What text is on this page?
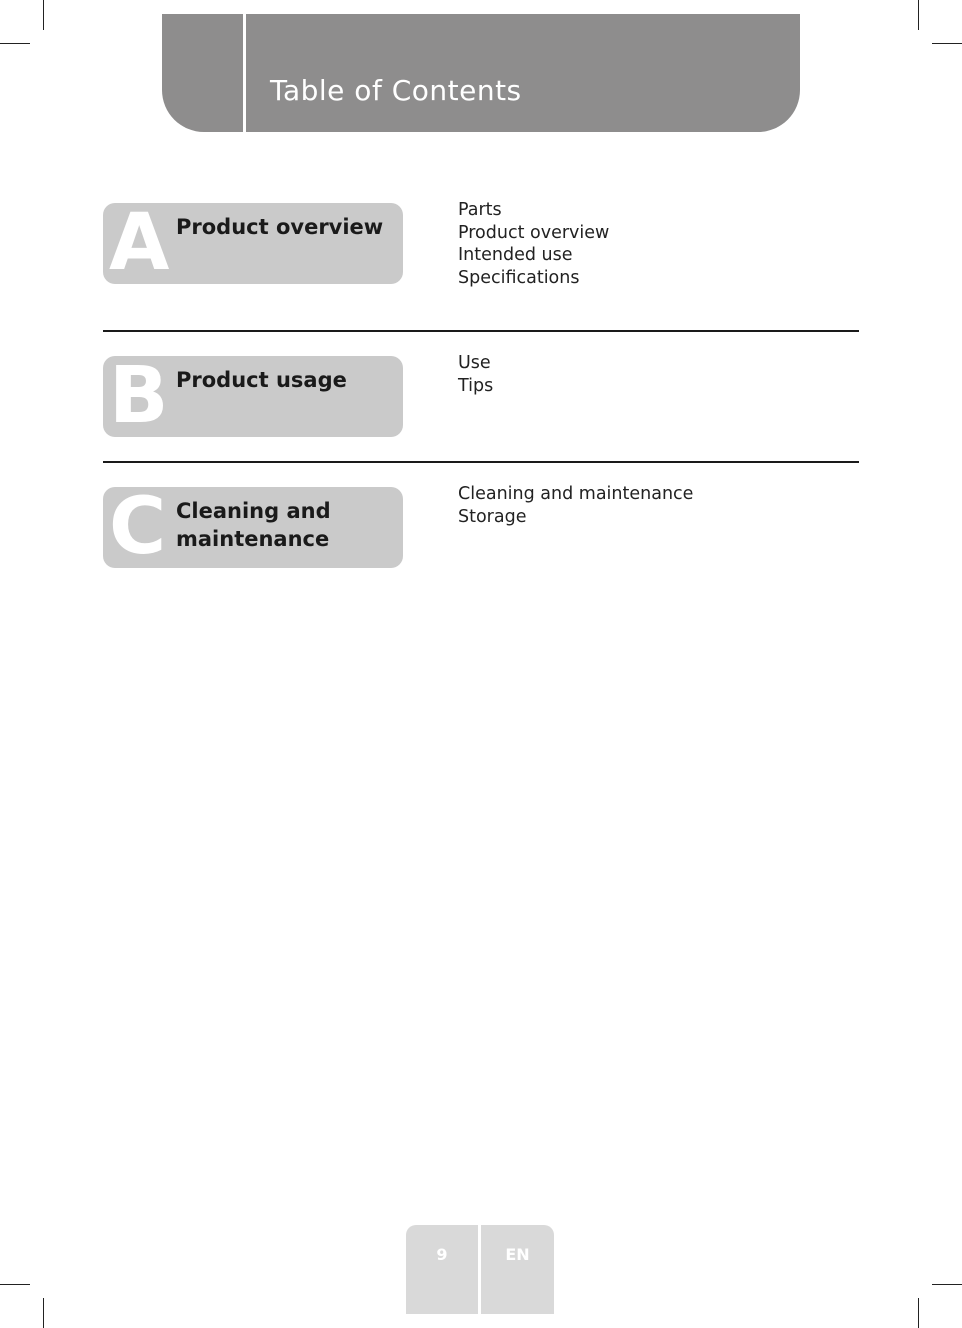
Table of Contents
A Product overview
Parts
Product overview
Intended use
Specifications
B Product usage
Use
Tips
C Cleaning and maintenance
Cleaning and maintenance
Storage
9	EN
